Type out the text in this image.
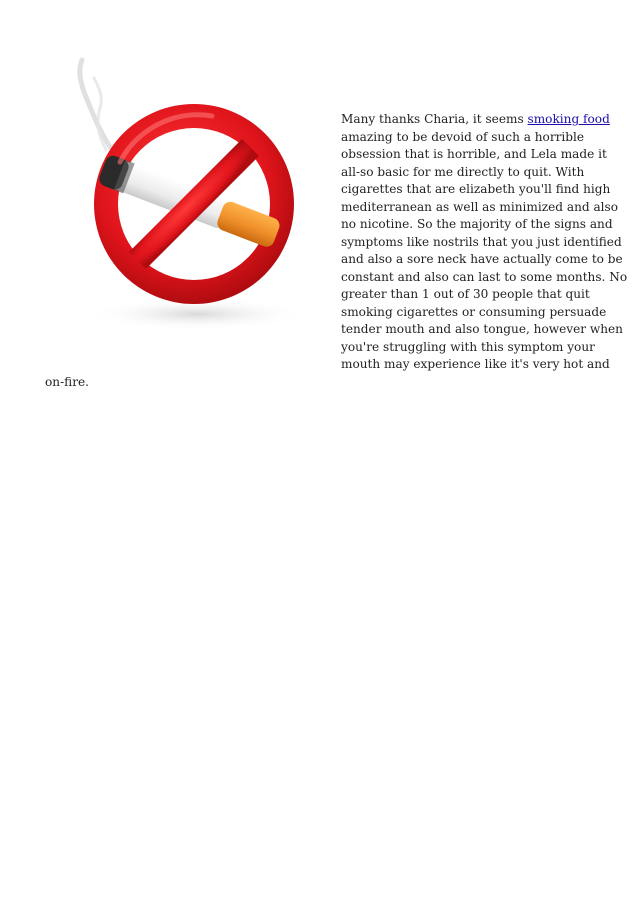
Many thanks Charia, it seems smoking food
amazing to be devoid of such a horrible
obsession that is horrible, and Lela made it
all-so basic for me directly to quit. With
cigarettes that are elizabeth you'll find high
mediterranean as well as minimized and also
no nicotine. So the majority of the signs and
symptoms like nostrils that you just identified
and also a sore neck have actually come to be
constant and also can last to some months. No
greater than 1 out of 30 people that quit
smoking cigarettes or consuming persuade
tender mouth and also tongue, however when
you're struggling with this symptom your
mouth may experience like it's very hot and
on-fire.
